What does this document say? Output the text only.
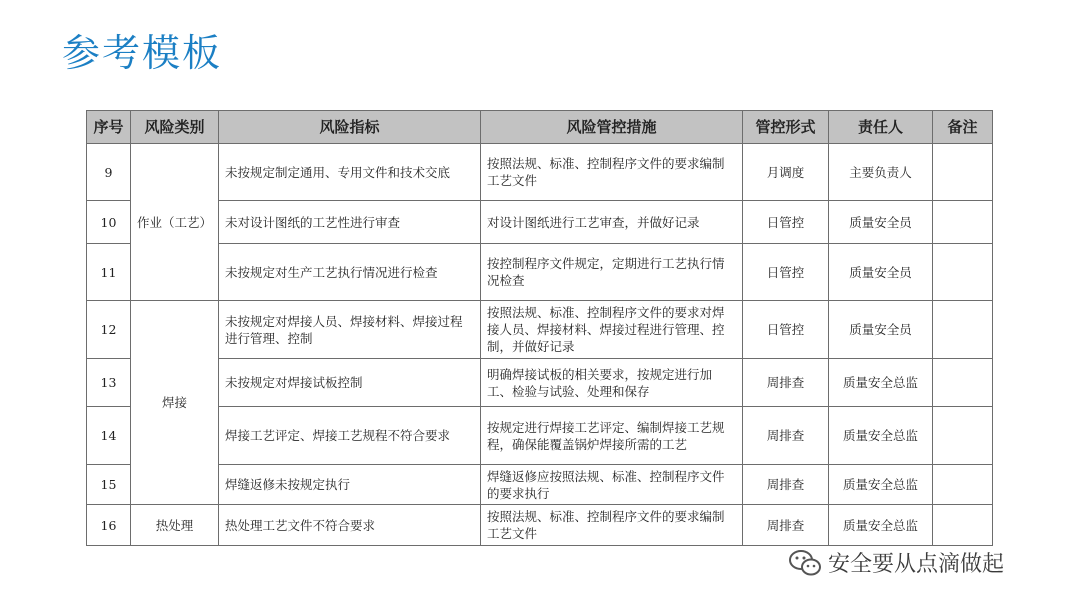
参考模板
序号	风险类别	风险指标	风险管控措施	管控形式	责任人	备注
9	作业（工艺）	未按规定制定通用、专用文件和技术交底	按照法规、标准、控制程序文件的要求编制工艺文件	月调度	主要负责人	
10		未对设计图纸的工艺性进行审查	对设计图纸进行工艺审查，并做好记录	日管控	质量安全员	
11		未按规定对生产工艺执行情况进行检查	按控制程序文件规定，定期进行工艺执行情况检查	日管控	质量安全员	
12	焊接	未按规定对焊接人员、焊接材料、焊接过程进行管理、控制	按照法规、标准、控制程序文件的要求对焊接人员、焊接材料、焊接过程进行管理、控制，并做好记录	日管控	质量安全员	
13		未按规定对焊接试板控制	明确焊接试板的相关要求，按规定进行加工、检验与试验、处理和保存	周排查	质量安全总监	
14		焊接工艺评定、焊接工艺规程不符合要求	按规定进行焊接工艺评定、编制焊接工艺规程，确保能覆盖锅炉焊接所需的工艺	周排查	质量安全总监	
15		焊缝返修未按规定执行	焊缝返修应按照法规、标准、控制程序文件的要求执行	周排查	质量安全总监	
16	热处理	热处理工艺文件不符合要求	按照法规、标准、控制程序文件的要求编制工艺文件	周排查	质量安全总监	
安全要从点滴做起
